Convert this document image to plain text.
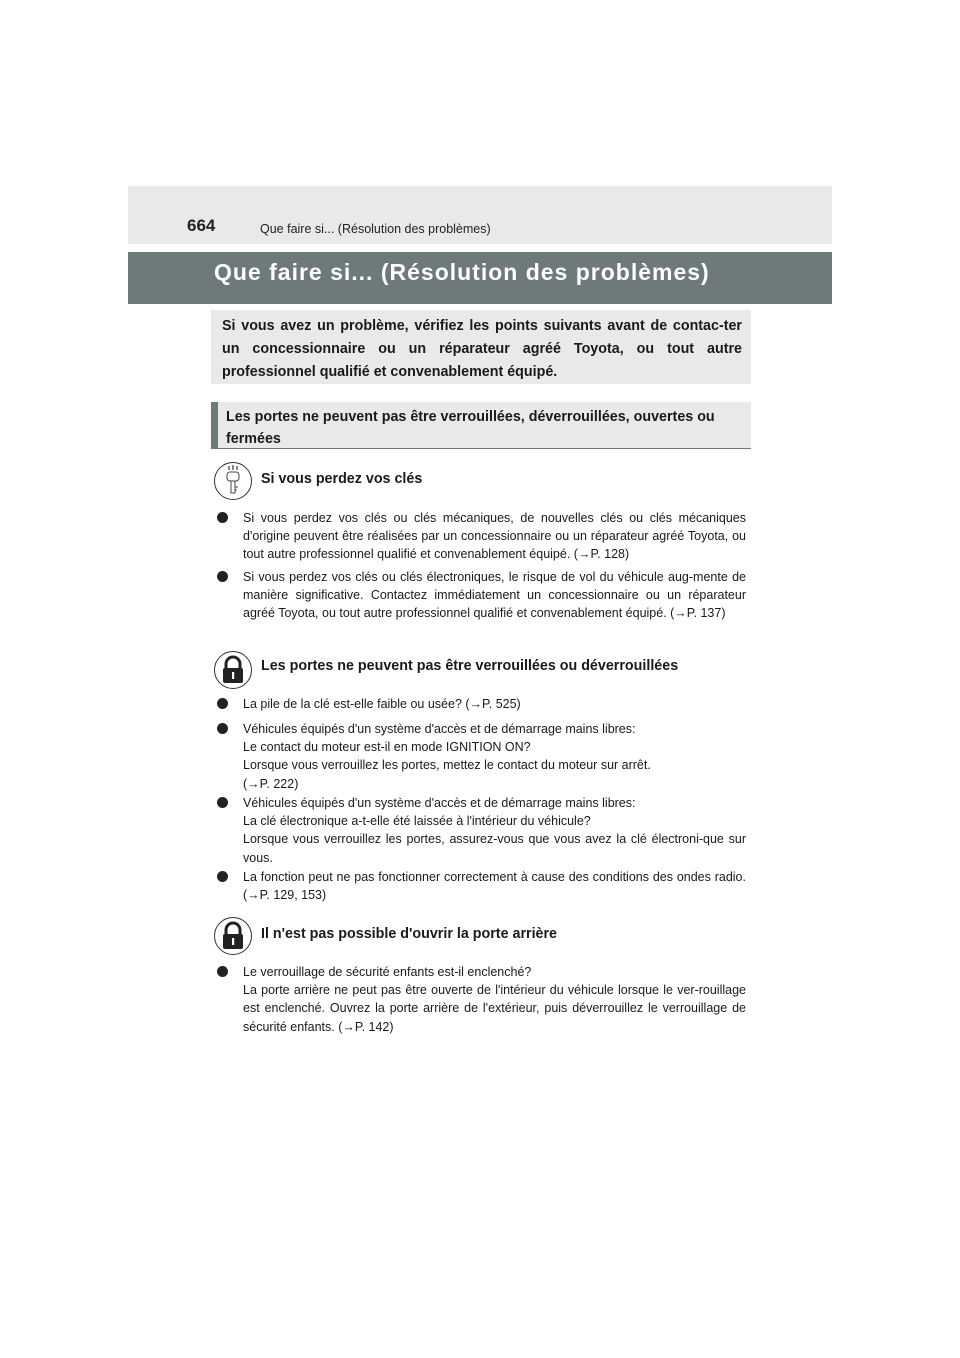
664	Que faire si... (Résolution des problèmes)
Que faire si... (Résolution des problèmes)
Si vous avez un problème, vérifiez les points suivants avant de contac-ter un concessionnaire ou un réparateur agréé Toyota, ou tout autre professionnel qualifié et convenablement équipé.
Les portes ne peuvent pas être verrouillées, déverrouillées, ouvertes ou fermées
Si vous perdez vos clés
Si vous perdez vos clés ou clés mécaniques, de nouvelles clés ou clés mécaniques d'origine peuvent être réalisées par un concessionnaire ou un réparateur agréé Toyota, ou tout autre professionnel qualifié et convenablement équipé. (→P. 128)
Si vous perdez vos clés ou clés électroniques, le risque de vol du véhicule aug-mente de manière significative. Contactez immédiatement un concessionnaire ou un réparateur agréé Toyota, ou tout autre professionnel qualifié et convenablement équipé. (→P. 137)
Les portes ne peuvent pas être verrouillées ou déverrouillées
La pile de la clé est-elle faible ou usée? (→P. 525)
Véhicules équipés d'un système d'accès et de démarrage mains libres:
Le contact du moteur est-il en mode IGNITION ON?
Lorsque vous verrouillez les portes, mettez le contact du moteur sur arrêt.
(→P. 222)
Véhicules équipés d'un système d'accès et de démarrage mains libres:
La clé électronique a-t-elle été laissée à l'intérieur du véhicule?
Lorsque vous verrouillez les portes, assurez-vous que vous avez la clé électroni-que sur vous.
La fonction peut ne pas fonctionner correctement à cause des conditions des ondes radio. (→P. 129, 153)
Il n'est pas possible d'ouvrir la porte arrière
Le verrouillage de sécurité enfants est-il enclenché?
La porte arrière ne peut pas être ouverte de l'intérieur du véhicule lorsque le ver-rouillage est enclenché. Ouvrez la porte arrière de l'extérieur, puis déverrouillez le verrouillage de sécurité enfants. (→P. 142)
